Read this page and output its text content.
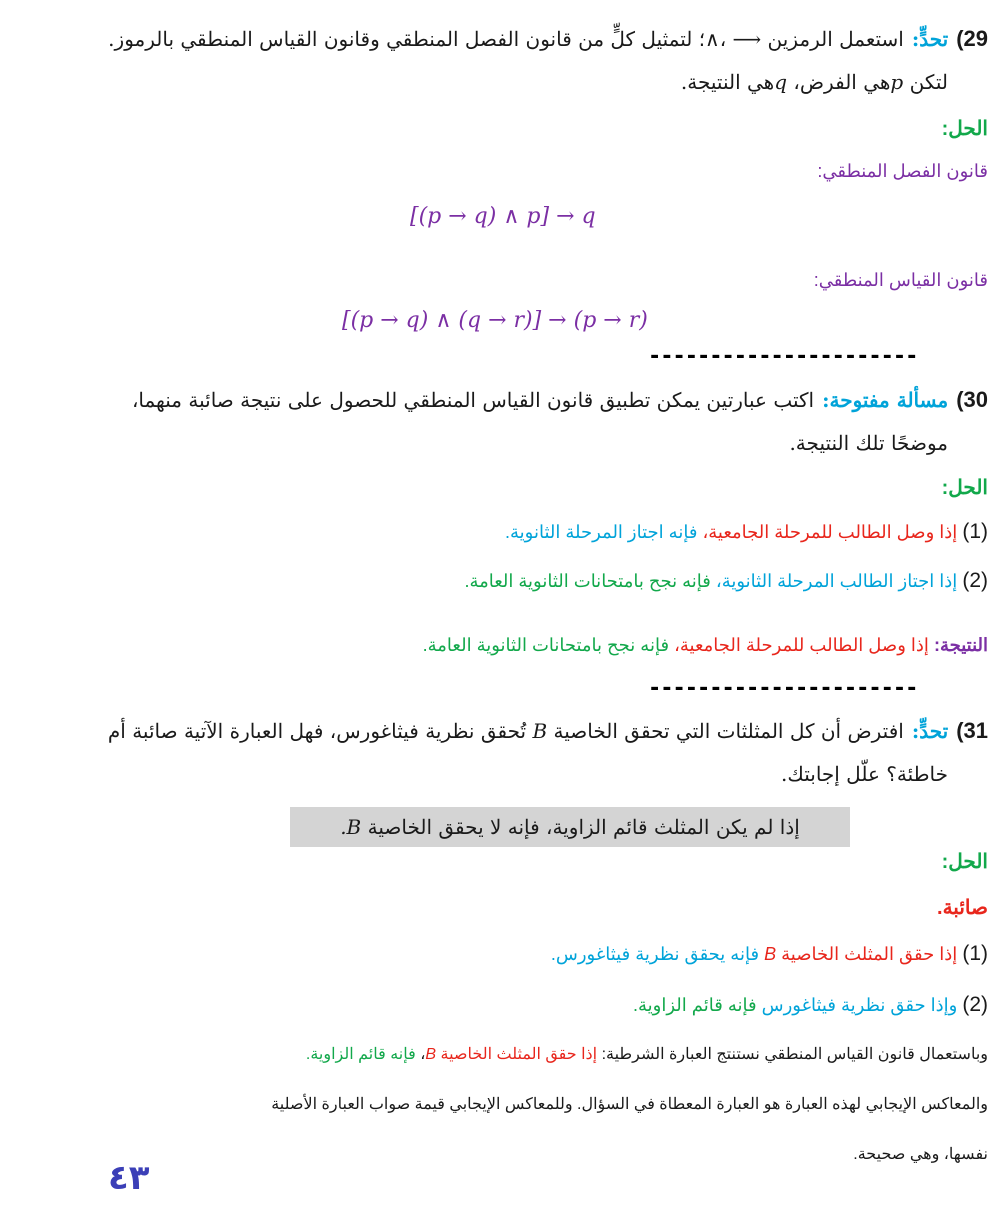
29)تحدٍّ:استعمل الرمزين ⟶ ،∧؛ لتمثيل كلٍّ من قانون الفصل المنطقي وقانون القياس المنطقي بالرموز.
لتكن pهي الفرض، qهي النتيجة.
الحل:
قانون الفصل المنطقي:
[(p → q) ∧ p] → q
قانون القياس المنطقي:
[(p → q) ∧ (q → r)] → (p → r)
----------------------
30)مسألة مفتوحة:اكتب عبارتين يمكن تطبيق قانون القياس المنطقي للحصول على نتيجة صائبة منهما،
موضحًا تلك النتيجة.
الحل:
(1) إذا وصل الطالب للمرحلة الجامعية، فإنه اجتاز المرحلة الثانوية.
(2) إذا اجتاز الطالب المرحلة الثانوية، فإنه نجح بامتحانات الثانوية العامة.
النتيجة: إذا وصل الطالب للمرحلة الجامعية، فإنه نجح بامتحانات الثانوية العامة.
----------------------
31)تحدٍّ:افترض أن كل المثلثات التي تحقق الخاصية B تُحقق نظرية فيثاغورس، فهل العبارة الآتية صائبة أم
خاطئة؟ علّل إجابتك.
إذا لم يكن المثلث قائم الزاوية، فإنه لا يحقق الخاصية B.
الحل:
صائبة.
(1) إذا حقق المثلث الخاصية B فإنه يحقق نظرية فيثاغورس.
(2) وإذا حقق نظرية فيثاغورس فإنه قائم الزاوية.
وباستعمال قانون القياس المنطقي نستنتج العبارة الشرطية: إذا حقق المثلث الخاصية B، فإنه قائم الزاوية.
والمعاكس الإيجابي لهذه العبارة هو العبارة المعطاة في السؤال. وللمعاكس الإيجابي قيمة صواب العبارة الأصلية
نفسها، وهي صحيحة.
٤٣
